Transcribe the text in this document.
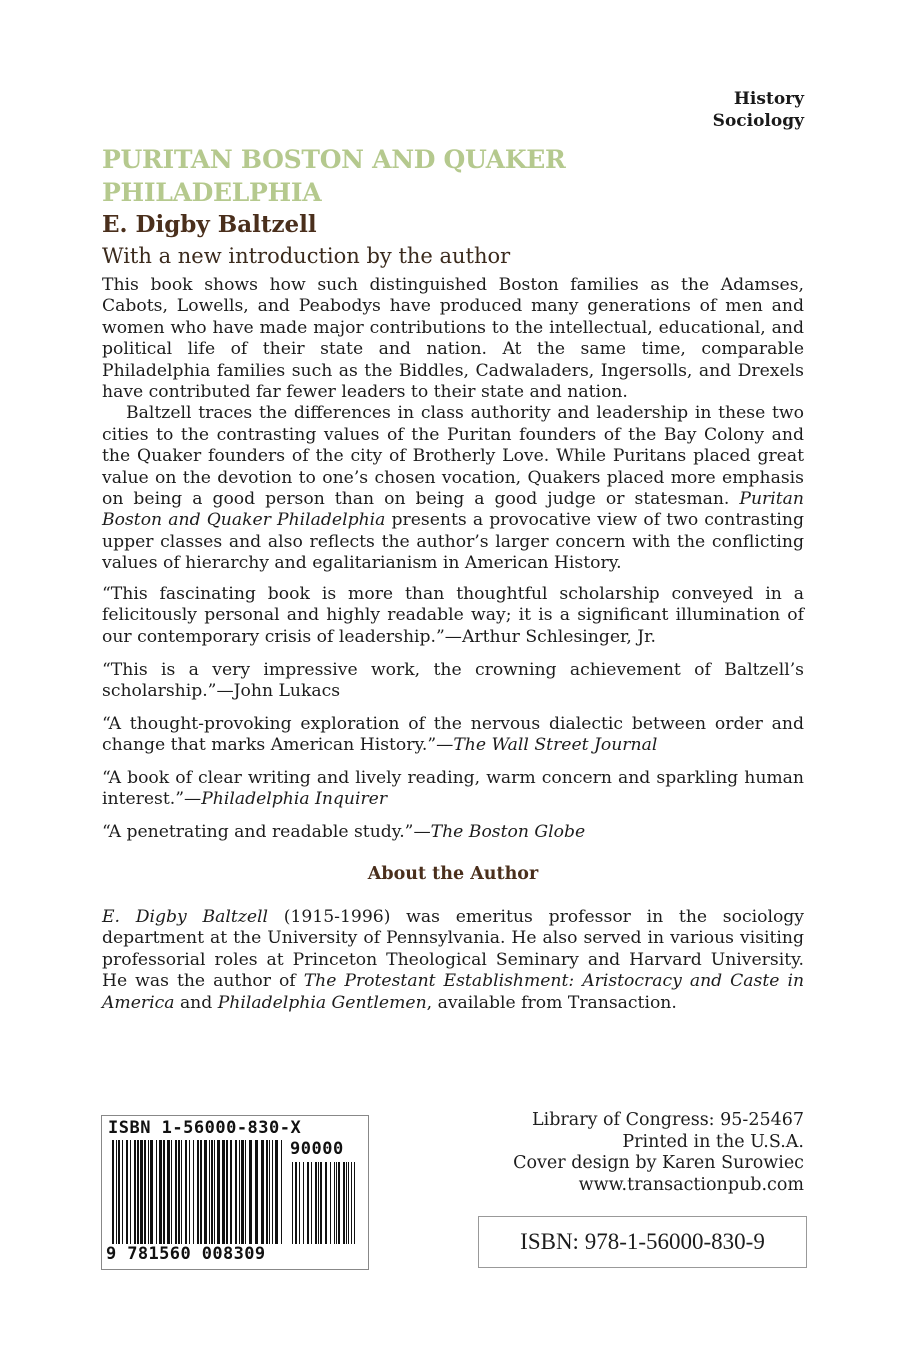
History
Sociology
PURITAN BOSTON AND QUAKER
PHILADELPHIA
E. Digby Baltzell
With a new introduction by the author

This book shows how such distinguished Boston families as the Adamses, Cabots, Lowells, and Peabodys have produced many generations of men and women who have made major contributions to the intellectual, educational, and political life of their state and nation. At the same time, comparable Philadelphia families such as the Biddles, Cadwaladers, Ingersolls, and Drexels have contributed far fewer leaders to their state and nation.

Baltzell traces the differences in class authority and leadership in these two cities to the contrasting values of the Puritan founders of the Bay Colony and the Quaker founders of the city of Brotherly Love. While Puritans placed great value on the devotion to one’s chosen vocation, Quakers placed more emphasis on being a good person than on being a good judge or statesman. Puritan Boston and Quaker Philadelphia presents a provocative view of two contrasting upper classes and also reflects the author’s larger concern with the conflicting values of hierarchy and egalitarianism in American History.

“This fascinating book is more than thoughtful scholarship conveyed in a felicitously personal and highly readable way; it is a significant illumination of our contemporary crisis of leadership.”—Arthur Schlesinger, Jr.
“This is a very impressive work, the crowning achievement of Baltzell’s scholarship.”—John Lukacs
“A thought-provoking exploration of the nervous dialectic between order and change that marks American History.”—The Wall Street Journal
“A book of clear writing and lively reading, warm concern and sparkling human interest.”—Philadelphia Inquirer
“A penetrating and readable study.”—The Boston Globe
About the Author
E. Digby Baltzell (1915-1996) was emeritus professor in the sociology department at the University of Pennsylvania. He also served in various visiting professorial roles at Princeton Theological Seminary and Harvard University. He was the author of The Protestant Establishment: Aristocracy and Caste in America and Philadelphia Gentlemen, available from Transaction.
ISBN 1-56000-830-X
90000
9 781560 008309
Library of Congress: 95-25467
Printed in the U.S.A.
Cover design by Karen Surowiec
www.transactionpub.com
ISBN: 978-1-56000-830-9
